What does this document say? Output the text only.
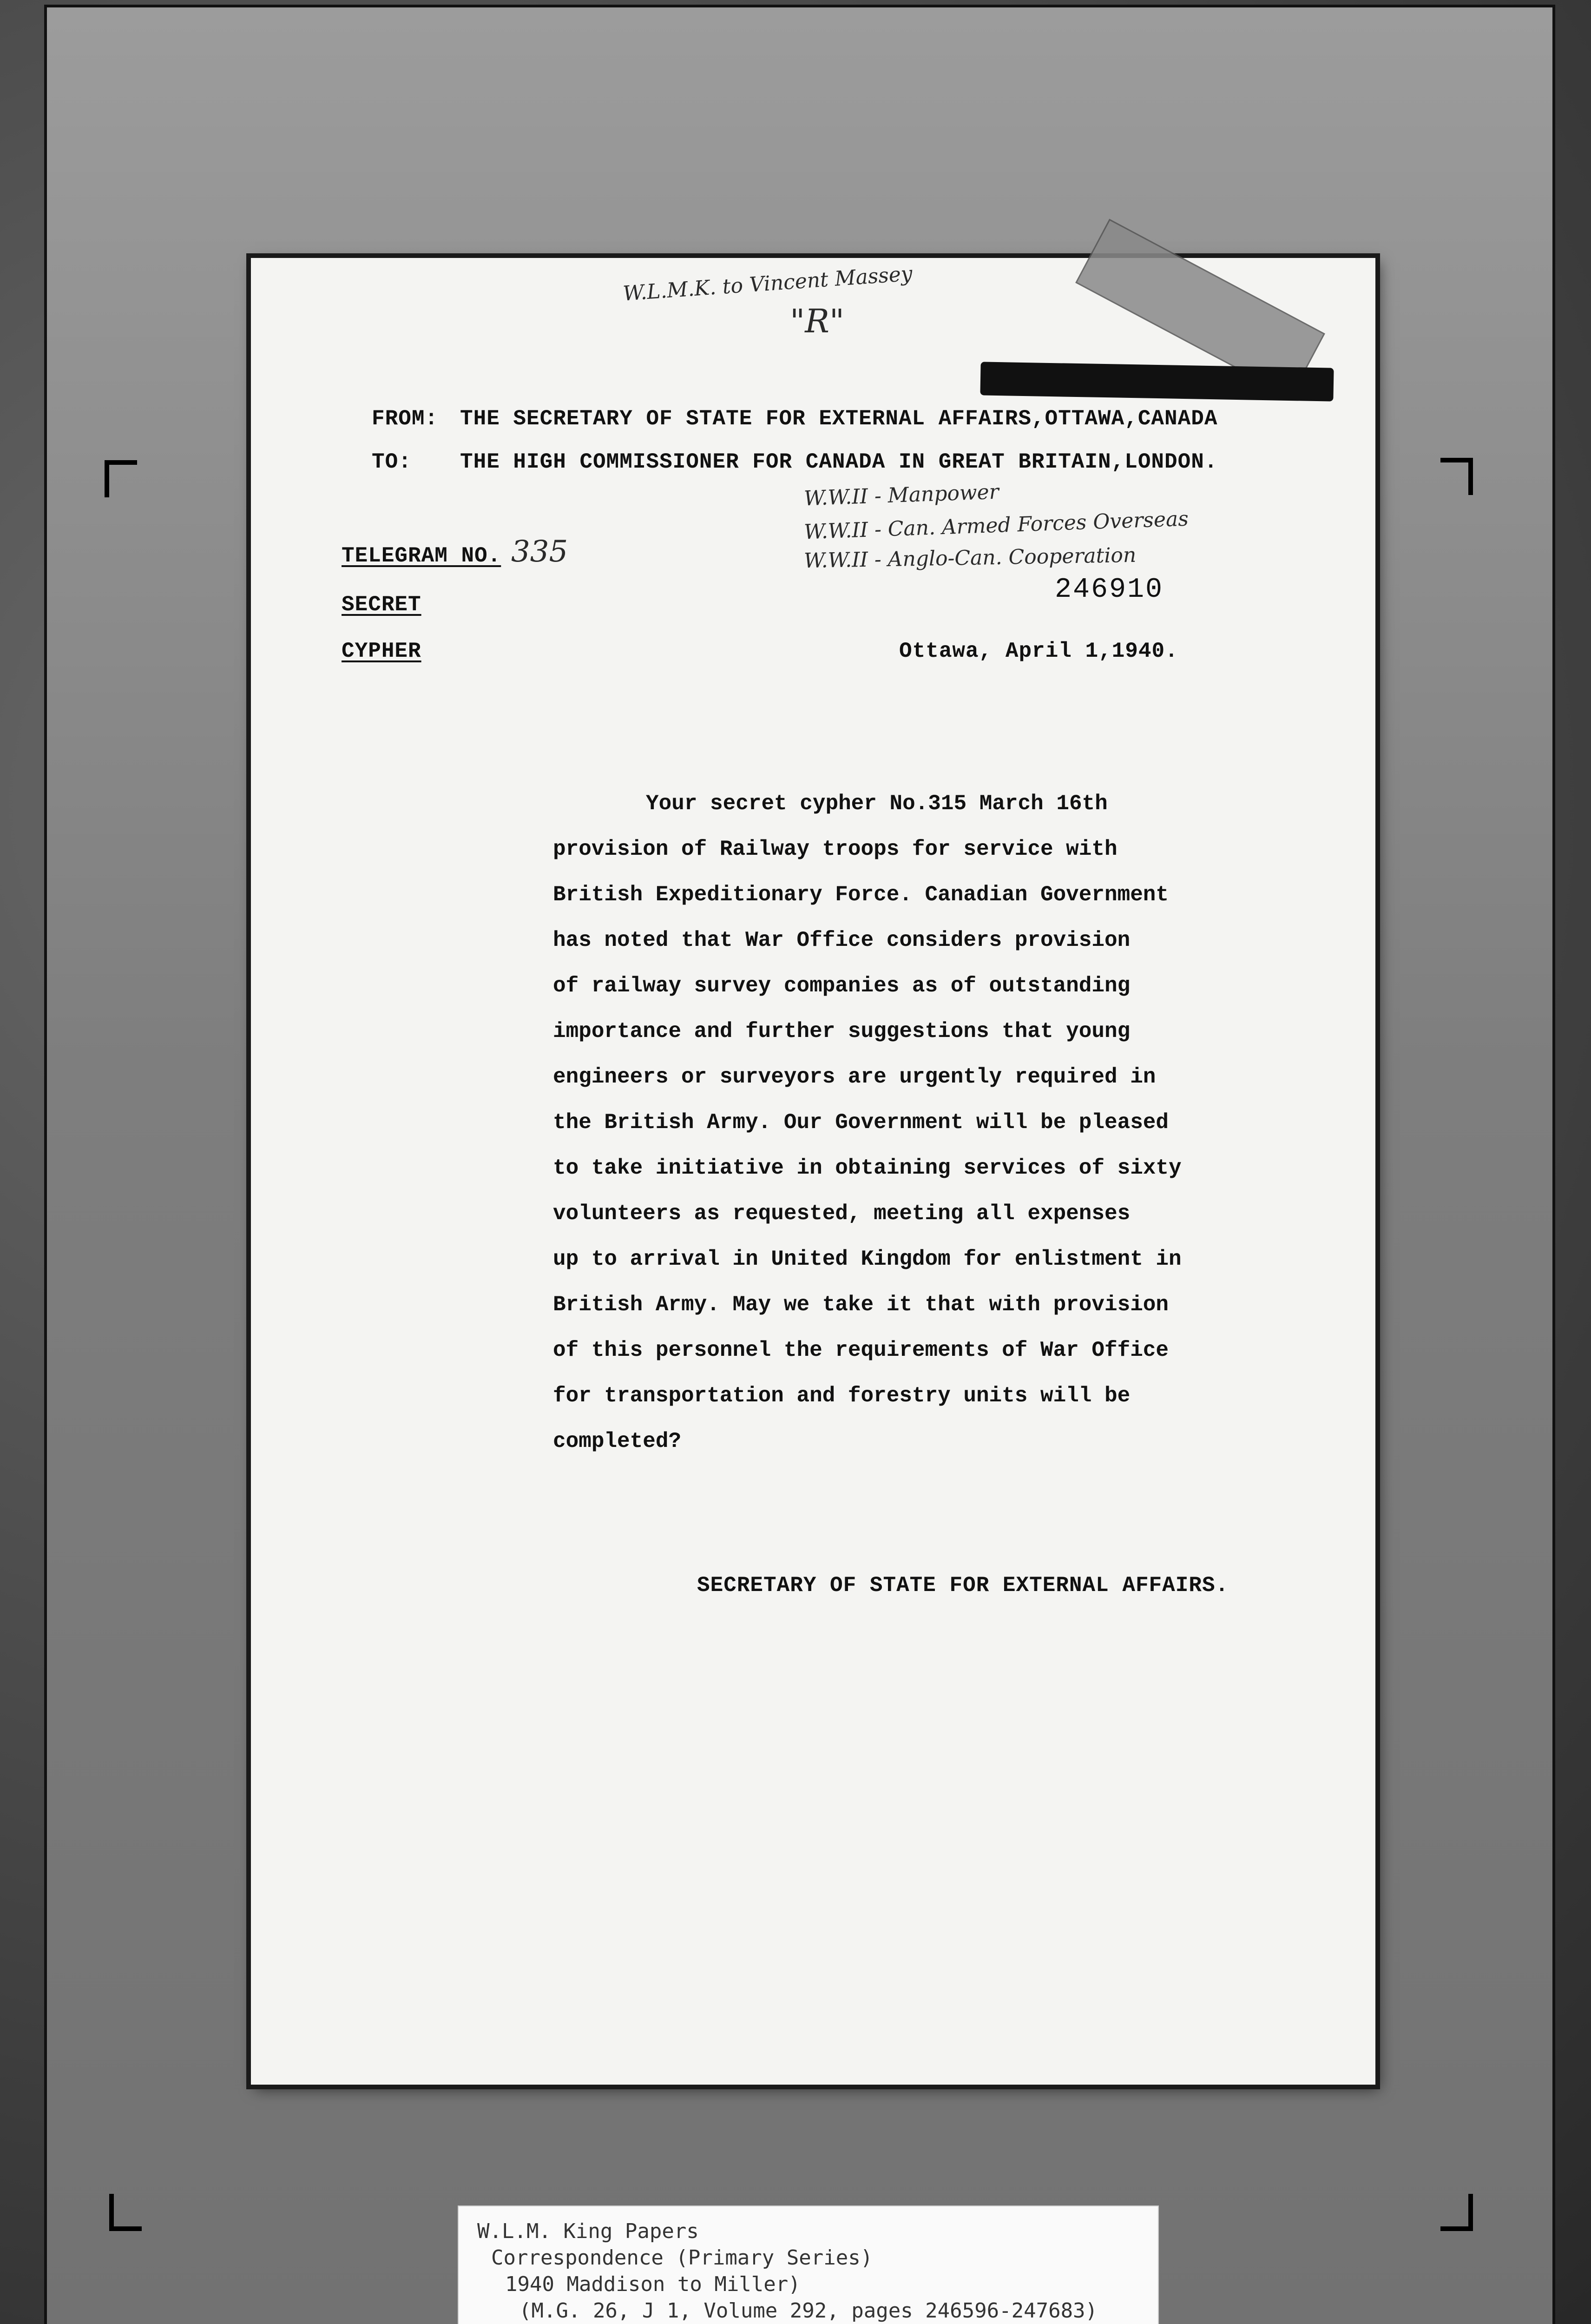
W.L.M.K. to Vincent Massey
"R"
FROM: THE SECRETARY OF STATE FOR EXTERNAL AFFAIRS,OTTAWA,CANADA
TO: THE HIGH COMMISSIONER FOR CANADA IN GREAT BRITAIN,LONDON.
W.W.II - Manpower
W.W.II - Can. Armed Forces Overseas
W.W.II - Anglo-Can. Cooperation
TELEGRAM NO. 335
SECRET
CYPHER
246910
Ottawa, April 1,1940.
Your secret cypher No.315 March 16th
provision of Railway troops for service with
British Expeditionary Force. Canadian Government
has noted that War Office considers provision
of railway survey companies as of outstanding
importance and further suggestions that young
engineers or surveyors are urgently required in
the British Army. Our Government will be pleased
to take initiative in obtaining services of sixty
volunteers as requested, meeting all expenses
up to arrival in United Kingdom for enlistment in
British Army. May we take it that with provision
of this personnel the requirements of War Office
for transportation and forestry units will be
completed?
SECRETARY OF STATE FOR EXTERNAL AFFAIRS.
W.L.M. King Papers
Correspondence (Primary Series)
1940 Maddison to Miller)
(M.G. 26, J 1, Volume 292, pages 246596-247683)
